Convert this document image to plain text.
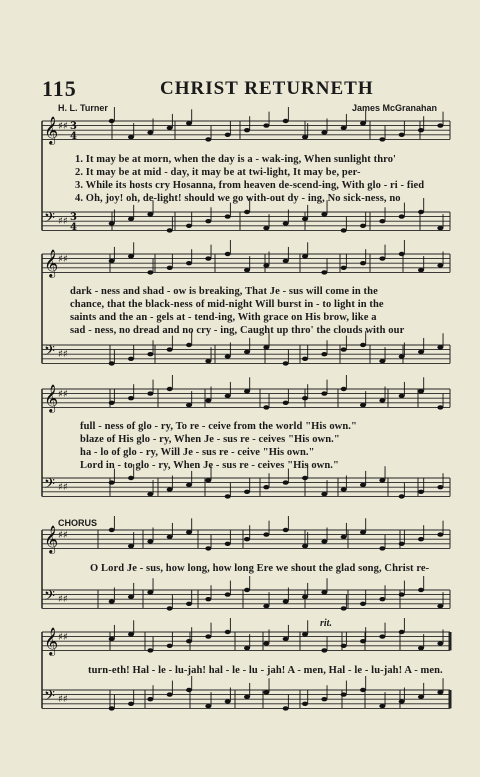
115	CHRIST RETURNETH
H. L. Turner	James McGranahan
𝄞 ♯♯ 3
4
𝄢 ♯♯ 3
4
𝄞 ♯♯
𝄢 ♯♯
𝄞 ♯♯
𝄢 ♯♯
𝄞 ♯♯
𝄢 ♯♯
𝄞 ♯♯
𝄢 ♯♯
1. It may be at morn, when the day is a - wak-ing, When sunlight thro'
2. It may be at mid - day, it may be at twi-light, It may be, per-
3. While its hosts cry Hosanna, from heaven de-scend-ing, With glo - ri - fied
4. Oh, joy! oh, de-light! should we go with-out dy - ing, No sick-ness, no
dark - ness and shad - ow is breaking, That Je - sus will come in the
chance, that the black-ness of mid-night Will burst in - to light in the
saints and the an - gels at - tend-ing, With grace on His brow, like a
sad - ness, no dread and no cry - ing, Caught up thro' the clouds with our
full - ness of glo - ry, To re - ceive from the world "His own."
blaze of His glo - ry, When Je - sus re - ceives "His own."
ha - lo of glo - ry, Will Je - sus re - ceive "His own."
Lord in - to glo - ry, When Je - sus re - ceives "His own."
CHORUS
O Lord Je - sus, how long, how long Ere we shout the glad song, Christ re-
rit.
turn-eth! Hal - le - lu-jah! hal - le - lu - jah! A - men, Hal - le - lu-jah! A - men.
